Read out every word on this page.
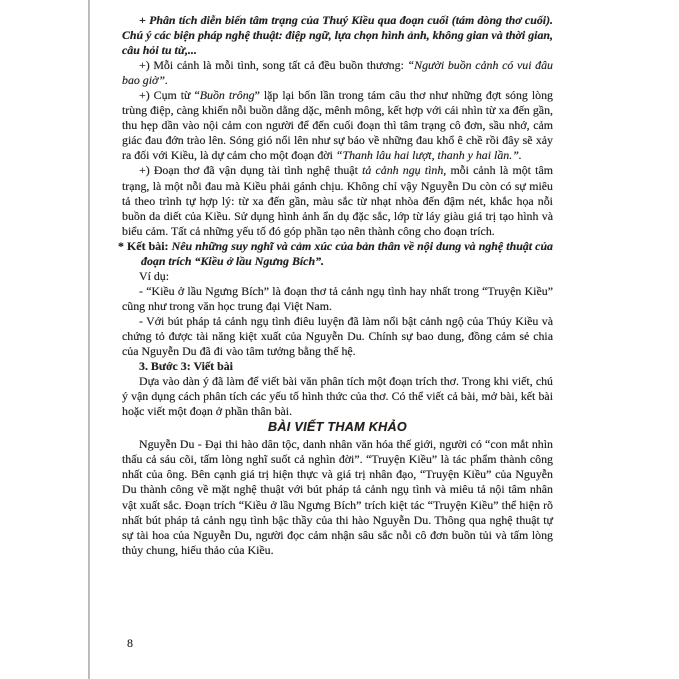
+ Phân tích diễn biến tâm trạng của Thuý Kiều qua đoạn cuối (tám dòng thơ cuối). Chú ý các biện pháp nghệ thuật: điệp ngữ, lựa chọn hình ảnh, không gian và thời gian, câu hỏi tu từ,...

+) Mỗi cảnh là mỗi tình, song tất cả đều buồn thương: “Người buồn cảnh có vui đâu bao giờ”.

+) Cụm từ “Buồn trông” lặp lại bốn lần trong tám câu thơ như những đợt sóng lòng trùng điệp, càng khiến nỗi buồn dằng dặc, mênh mông, kết hợp với cái nhìn từ xa đến gần, thu hẹp dần vào nội cảm con người để đến cuối đoạn thì tâm trạng cô đơn, sầu nhớ, cảm giác đau đớn trào lên. Sóng gió nổi lên như sự báo về những đau khổ ê chề rồi đây sẽ xảy ra đối với Kiều, là dự cảm cho một đoạn đời “Thanh lâu hai lượt, thanh y hai lần.”.

+) Đoạn thơ đã vận dụng tài tình nghệ thuật tả cảnh ngụ tình, mỗi cảnh là một tâm trạng, là một nỗi đau mà Kiều phải gánh chịu. Không chỉ vậy Nguyễn Du còn có sự miêu tả theo trình tự hợp lý: từ xa đến gần, màu sắc từ nhạt nhòa đến đậm nét, khắc họa nỗi buồn da diết của Kiều. Sử dụng hình ảnh ẩn dụ đặc sắc, lớp từ láy giàu giá trị tạo hình và biểu cảm. Tất cả những yếu tố đó góp phần tạo nên thành công cho đoạn trích.

* Kết bài: Nêu những suy nghĩ và cảm xúc của bản thân về nội dung và nghệ thuật của đoạn trích “Kiều ở lầu Ngưng Bích”.

Ví dụ:

- “Kiều ở lầu Ngưng Bích” là đoạn thơ tả cảnh ngụ tình hay nhất trong “Truyện Kiều” cũng như trong văn học trung đại Việt Nam.

- Với bút pháp tả cảnh ngụ tình điêu luyện đã làm nổi bật cảnh ngộ của Thúy Kiều và chứng tỏ được tài năng kiệt xuất của Nguyễn Du. Chính sự bao dung, đồng cảm sẻ chia của Nguyễn Du đã đi vào tâm tưởng bằng thế hệ.

3. Bước 3: Viết bài

Dựa vào dàn ý đã làm để viết bài văn phân tích một đoạn trích thơ. Trong khi viết, chú ý vận dụng cách phân tích các yếu tố hình thức của thơ. Có thể viết cả bài, mở bài, kết bài hoặc viết một đoạn ở phần thân bài.

BÀI VIẾT THAM KHẢO

Nguyễn Du - Đại thi hào dân tộc, danh nhân văn hóa thế giới, người có “con mắt nhìn thấu cả sáu cõi, tấm lòng nghĩ suốt cả nghìn đời”. “Truyện Kiều” là tác phẩm thành công nhất của ông. Bên cạnh giá trị hiện thực và giá trị nhân đạo, “Truyện Kiều” của Nguyễn Du thành công về mặt nghệ thuật với bút pháp tả cảnh ngụ tình và miêu tả nội tâm nhân vật xuất sắc. Đoạn trích “Kiều ở lầu Ngưng Bích” trích kiệt tác “Truyện Kiều” thể hiện rõ nhất bút pháp tả cảnh ngụ tình bậc thầy của thi hào Nguyễn Du. Thông qua nghệ thuật tự sự tài hoa của Nguyễn Du, người đọc cảm nhận sâu sắc nỗi cô đơn buồn tủi và tấm lòng thủy chung, hiếu thảo của Kiều.

8
